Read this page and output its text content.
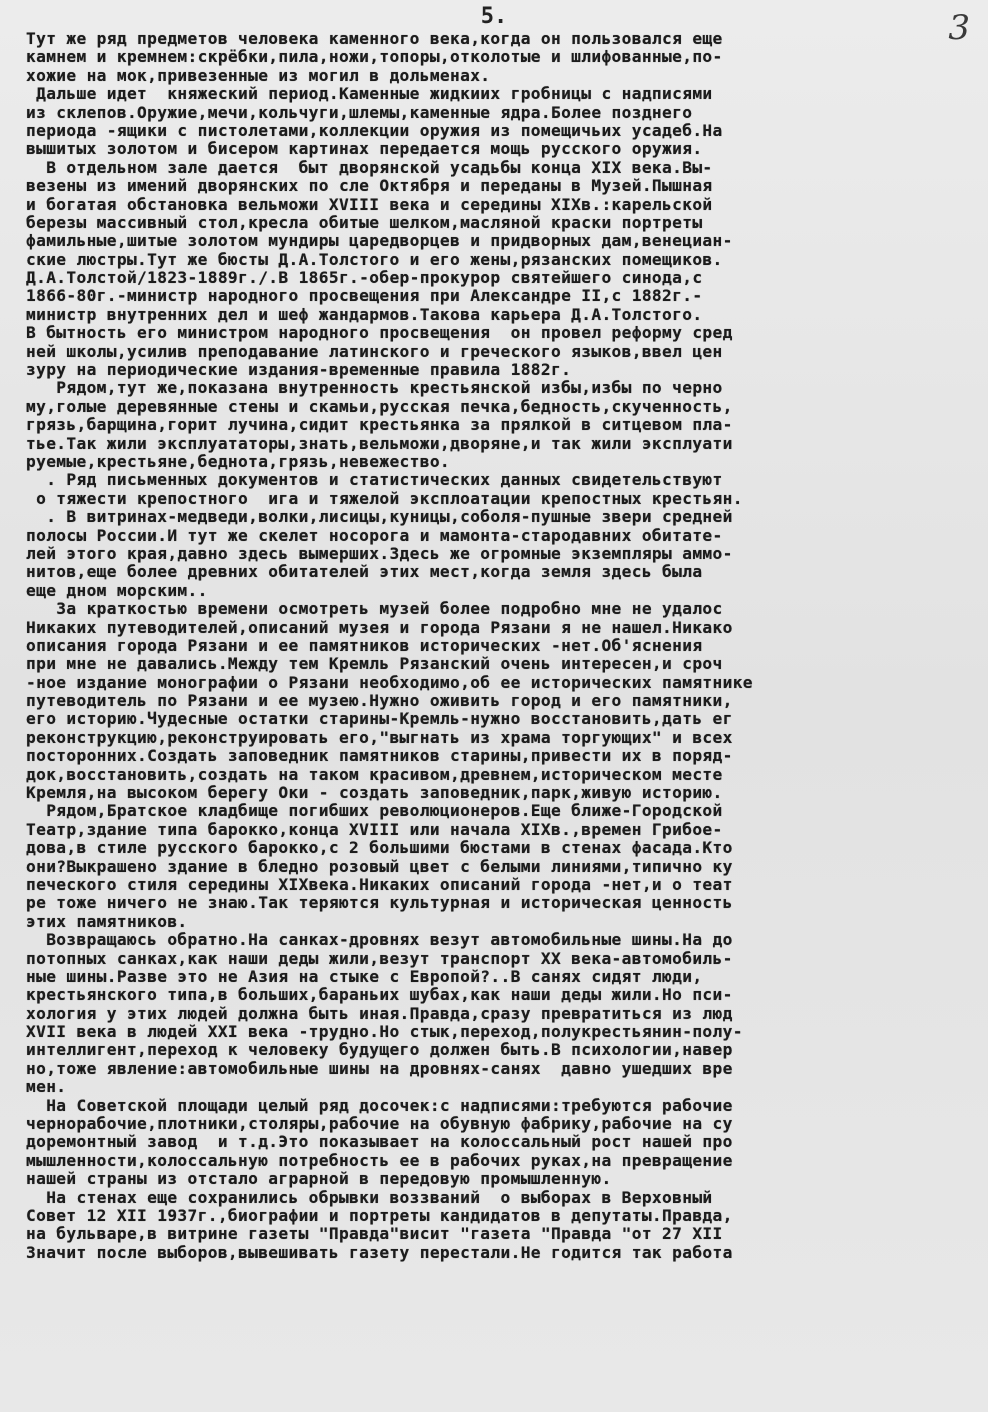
5.	3
Тут же ряд предметов человека каменного века,когда он пользовался еще
камнем и кремнем:скрёбки,пила,ножи,топоры,отколотые и шлифованные,по-
хожие на мок,привезенные из могил в дольменах.
Дальше идет  княжеский период.Каменные жидкиих гробницы с надписями
из склепов.Оружие,мечи,кольчуги,шлемы,каменные ядра.Более позднего
периода -ящики с пистолетами,коллекции оружия из помещичьих усадеб.На
вышитых золотом и бисером картинах передается мощь русского оружия.
В отдельном зале дается  быт дворянской усадьбы конца XIX века.Вы-
везены из имений дворянских по сле Октября и переданы в Музей.Пышная
и богатая обстановка вельможи XVIII века и середины XIXв.:карельской
березы массивный стол,кресла обитые шелком,масляной краски портреты
фамильные,шитые золотом мундиры царедворцев и придворных дам,венециан-
ские люстры.Тут же бюсты Д.А.Толстого и его жены,рязанских помещиков.
Д.А.Толстой/1823-1889г./.В 1865г.-обер-прокурор святейшего синода,с
1866-80г.-министр народного просвещения при Александре II,с 1882г.-
министр внутренних дел и шеф жандармов.Такова карьера Д.А.Толстого.
В бытность его министром народного просвещения  он провел реформу сред
ней школы,усилив преподавание латинского и греческого языков,ввел цен
зуру на периодические издания-временные правила 1882г.
Рядом,тут же,показана внутренность крестьянской избы,избы по черно
му,голые деревянные стены и скамьи,русская печка,бедность,скученность,
грязь,барщина,горит лучина,сидит крестьянка за прялкой в ситцевом пла-
тье.Так жили эксплуататоры,знать,вельможи,дворяне,и так жили эксплуати
руемые,крестьяне,беднота,грязь,невежество.
. Ряд письменных документов и статистических данных свидетельствуют
о тяжести крепостного  ига и тяжелой эксплоатации крепостных крестьян.
. В витринах-медведи,волки,лисицы,куницы,соболя-пушные звери средней
полосы России.И тут же скелет носорога и мамонта-стародавних обитате-
лей этого края,давно здесь вымерших.Здесь же огромные экземпляры аммо-
нитов,еще более древних обитателей этих мест,когда земля здесь была
еще дном морским..
За краткостью времени осмотреть музей более подробно мне не удалос
Никаких путеводителей,описаний музея и города Рязани я не нашел.Никако
описания города Рязани и ее памятников исторических -нет.Об'яснения
при мне не давались.Между тем Кремль Рязанский очень интересен,и сроч
-ное издание монографии о Рязани необходимо,об ее исторических памятнике
путеводитель по Рязани и ее музею.Нужно оживить город и его памятники,
его историю.Чудесные остатки старины-Кремль-нужно восстановить,дать ег
реконструкцию,реконструировать его,"выгнать из храма торгующих" и всех
посторонних.Создать заповедник памятников старины,привести их в поряд-
док,восстановить,создать на таком красивом,древнем,историческом месте
Кремля,на высоком берегу Оки - создать заповедник,парк,живую историю.
Рядом,Братское кладбище погибших революционеров.Еще ближе-Городской
Театр,здание типа барокко,конца XVIII или начала XIXв.,времен Грибое-
дова,в стиле русского барокко,с 2 большими бюстами в стенах фасада.Кто
они?Выкрашено здание в бледно розовый цвет с белыми линиями,типично ку
печеского стиля середины XIXвека.Никаких описаний города -нет,и о теат
ре тоже ничего не знаю.Так теряются культурная и историческая ценность
этих памятников.
Возвращаюсь обратно.На санках-дровнях везут автомобильные шины.На до
потопных санках,как наши деды жили,везут транспорт XX века-автомобиль-
ные шины.Разве это не Азия на стыке с Европой?..В санях сидят люди,
крестьянского типа,в больших,бараньих шубах,как наши деды жили.Но пси-
хология у этих людей должна быть иная.Правда,сразу превратиться из люд
XVII века в людей XXI века -трудно.Но стык,переход,полукрестьянин-полу-
интеллигент,переход к человеку будущего должен быть.В психологии,навер
но,тоже явление:автомобильные шины на дровнях-санях  давно ушедших вре
мен.
На Советской площади целый ряд досочек:с надписями:требуются рабочие
чернорабочие,плотники,столяры,рабочие на обувную фабрику,рабочие на су
доремонтный завод  и т.д.Это показывает на колоссальный рост нашей про
мышленности,колоссальную потребность ее в рабочих руках,на превращение
нашей страны из отстало аграрной в передовую промышленную.
На стенах еще сохранились обрывки воззваний  о выборах в Верховный
Совет 12 XII 1937г.,биографии и портреты кандидатов в депутаты.Правда,
на бульваре,в витрине газеты "Правда"висит "газета "Правда "от 27 XII
Значит после выборов,вывешивать газету перестали.Не годится так работа
